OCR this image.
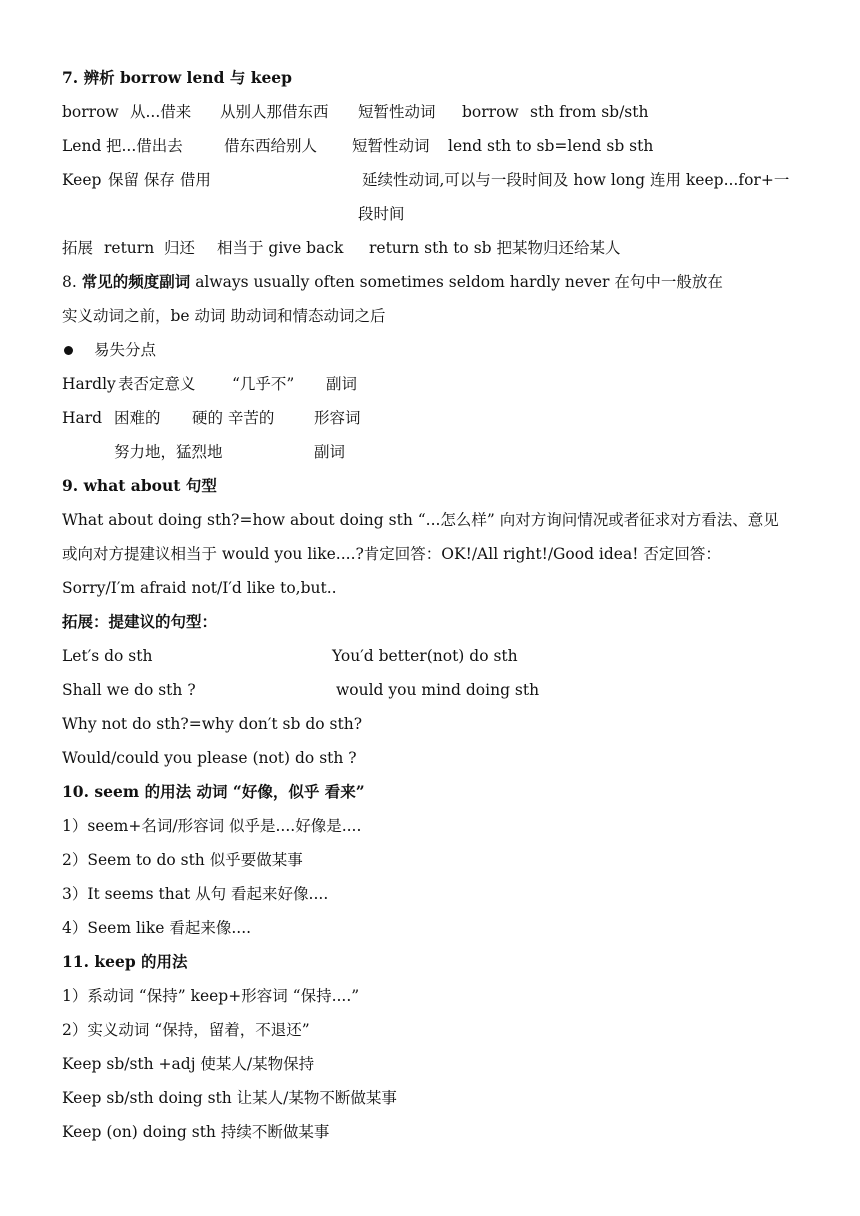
7. 辨析 borrow lend 与 keep
borrow 从...借来 从别人那借东西 短暂性动词 borrow sth from sb/sth
Lend 把...借出去	借东西给别人 短暂性动词 lend sth to sb=lend sb sth
Keep 保留 保存 借用	延续性动词,可以与一段时间及 how long 连用 keep...for+一
段时间
拓展 return 归还 相当于 give back return sth to sb 把某物归还给某人
8. 常见的频度副词 always usually often sometimes seldom hardly never 在句中一般放在
实义动词之前，be 动词 助动词和情态动词之后
易失分点
Hardly 表否定意义 “几乎不” 副词
Hard 困难的 硬的 辛苦的	形容词
努力地，猛烈地	副词
9. what about 句型
What about doing sth?=how about doing sth “...怎么样” 向对方询问情况或者征求对方看法、意见
或向对方提建议相当于 would you like....?肯定回答：OK!/All right!/Good idea! 否定回答：
Sorry/I′m afraid not/I′d like to,but..
拓展：提建议的句型：
Let′s do sth	You′d better(not) do sth
Shall we do sth ?	would you mind doing sth
Why not do sth?=why don′t sb do sth?
Would/could you please (not) do sth ?
10. seem 的用法 动词 “好像，似乎 看来”
1）seem+名词/形容词 似乎是....好像是....
2）Seem to do sth 似乎要做某事
3）It seems that 从句 看起来好像....
4）Seem like 看起来像....
11. keep 的用法
1）系动词 “保持” keep+形容词 “保持....”
2）实义动词 “保持，留着，不退还”
Keep sb/sth +adj 使某人/某物保持
Keep sb/sth doing sth 让某人/某物不断做某事
Keep (on) doing sth 持续不断做某事
